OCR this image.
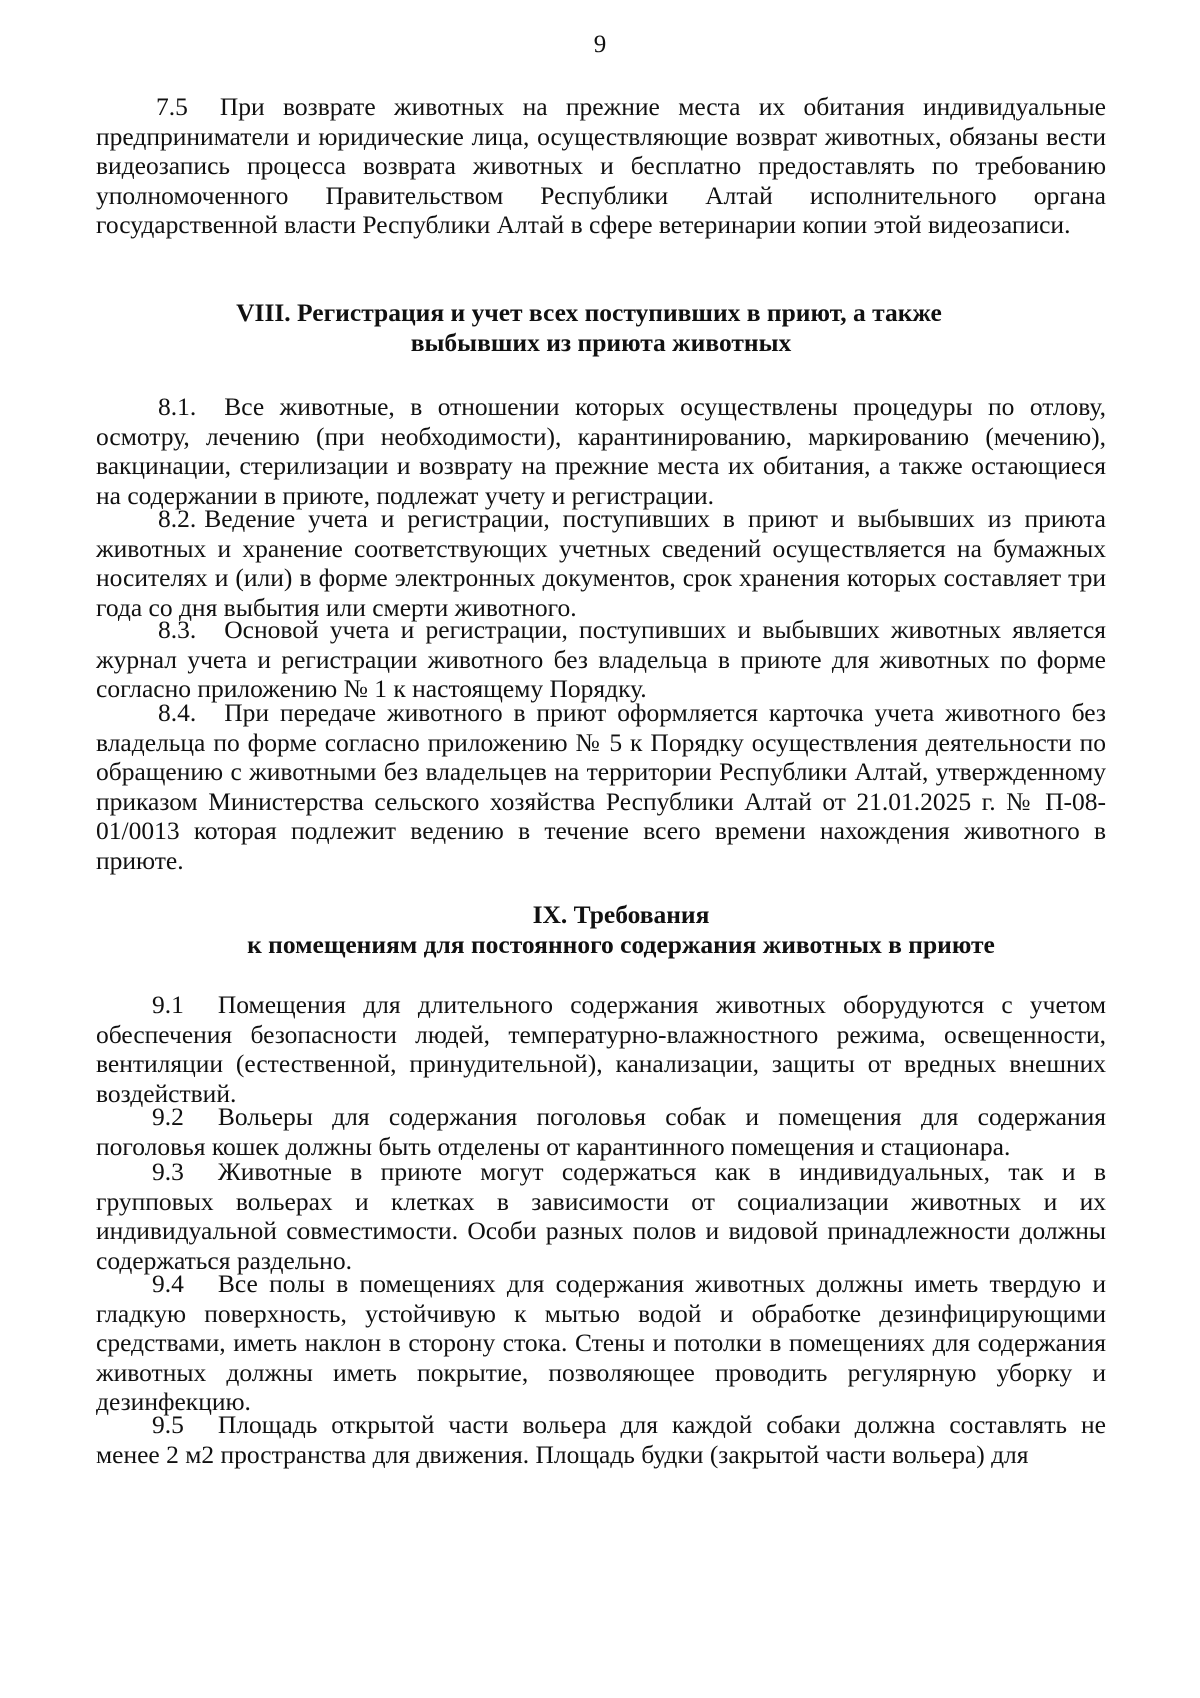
9
7.5 При возврате животных на прежние места их обитания индивидуальные предприниматели и юридические лица, осуществляющие возврат животных, обязаны вести видеозапись процесса возврата животных и бесплатно предоставлять по требованию уполномоченного Правительством Республики Алтай исполнительного органа государственной власти Республики Алтай в сфере ветеринарии копии этой видеозаписи.
VIII. Регистрация и учет всех поступивших в приют, а также
выбывших из приюта животных
8.1. Все животные, в отношении которых осуществлены процедуры по отлову, осмотру, лечению (при необходимости), карантинированию, маркированию (мечению), вакцинации, стерилизации и возврату на прежние места их обитания, а также остающиеся на содержании в приюте, подлежат учету и регистрации.
8.2. Ведение учета и регистрации, поступивших в приют и выбывших из приюта животных и хранение соответствующих учетных сведений осуществляется на бумажных носителях и (или) в форме электронных документов, срок хранения которых составляет три года со дня выбытия или смерти животного.
8.3. Основой учета и регистрации, поступивших и выбывших животных является журнал учета и регистрации животного без владельца в приюте для животных по форме согласно приложению № 1 к настоящему Порядку.
8.4. При передаче животного в приют оформляется карточка учета животного без владельца по форме согласно приложению № 5 к Порядку осуществления деятельности по обращению с животными без владельцев на территории Республики Алтай, утвержденному приказом Министерства сельского хозяйства Республики Алтай от 21.01.2025 г. № П-08-01/0013 которая подлежит ведению в течение всего времени нахождения животного в приюте.
IX. Требования
к помещениям для постоянного содержания животных в приюте
9.1 Помещения для длительного содержания животных оборудуются с учетом обеспечения безопасности людей, температурно-влажностного режима, освещенности, вентиляции (естественной, принудительной), канализации, защиты от вредных внешних воздействий.
9.2 Вольеры для содержания поголовья собак и помещения для содержания поголовья кошек должны быть отделены от карантинного помещения и стационара.
9.3 Животные в приюте могут содержаться как в индивидуальных, так и в групповых вольерах и клетках в зависимости от социализации животных и их индивидуальной совместимости. Особи разных полов и видовой принадлежности должны содержаться раздельно.
9.4 Все полы в помещениях для содержания животных должны иметь твердую и гладкую поверхность, устойчивую к мытью водой и обработке дезинфицирующими средствами, иметь наклон в сторону стока. Стены и потолки в помещениях для содержания животных должны иметь покрытие, позволяющее проводить регулярную уборку и дезинфекцию.
9.5 Площадь открытой части вольера для каждой собаки должна составлять не менее 2 м2 пространства для движения. Площадь будки (закрытой части вольера) для
